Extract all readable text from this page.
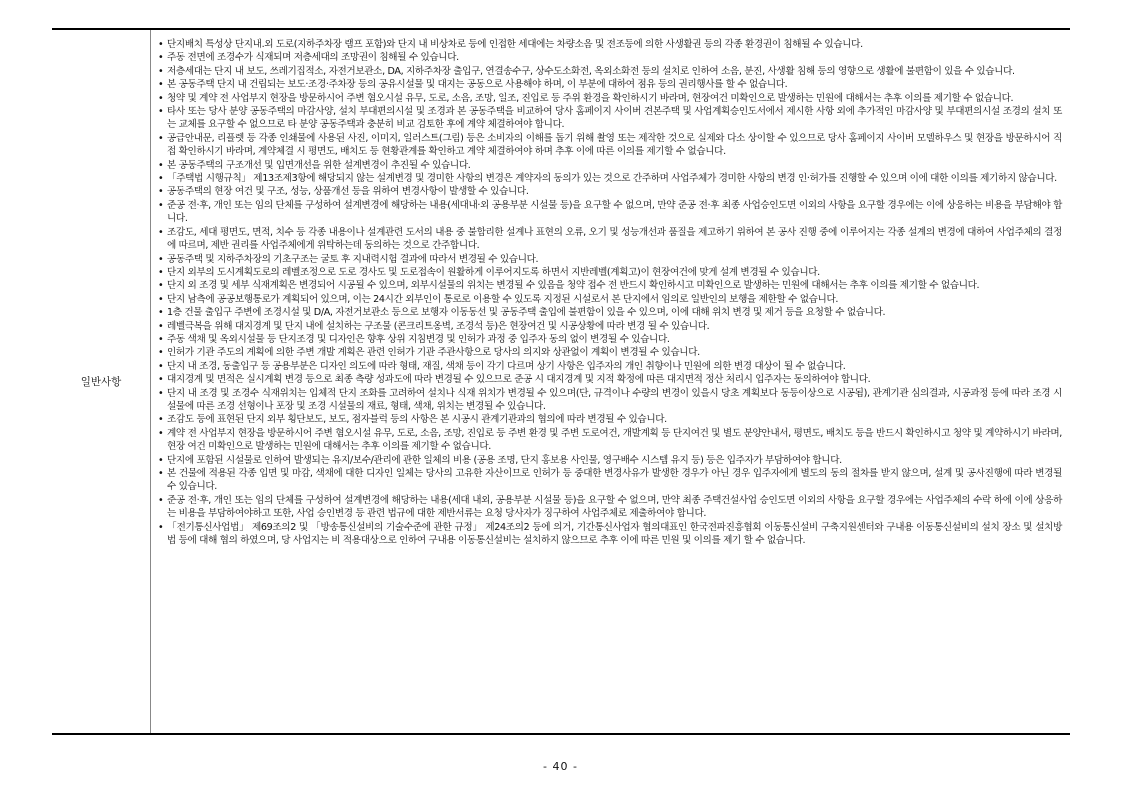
일반사항
• 단지배치 특성상 단지내.외 도로(지하주차장 램프 포함)와 단지 내 비상차로 등에 인접한 세대에는 차량소음 및 전조등에 의한 사생활권 등의 각종 환경권이 침해될 수 있습니다.
• 주동 전면에 조경수가 식재되며 저층세대의 조망권이 침해될 수 있습니다.
• 저층세대는 단지 내 보도, 쓰레기집적소, 자전거보관소, DA, 지하주차장 출입구, 연결송수구, 상수도소화전, 옥외소화전 등의 설치로 인하여 소음, 분진, 사생활 침해 등의 영향으로 생활에 불편함이 있을 수 있습니다.
• 본 공동주택 단지 내 건립되는 보도·조경·주차장 등의 공유시설물 및 대지는 공동으로 사용해야 하며, 이 부분에 대하여 점유 등의 권리행사를 할 수 없습니다.
• 청약 및 계약 전 사업부지 현장을 방문하시어 주변 혐오시설 유무, 도로, 소음, 조망, 일조, 진입로 등 주위 환경을 확인하시기 바라며, 현장여건 미확인으로 발생하는 민원에 대해서는 추후 이의를 제기할 수 없습니다.
• 타사 또는 당사 분양 공동주택의 마감사양, 설치 부대편의시설 및 조경과 본 공동주택을 비교하여 당사 홈페이지 사이버 견본주택 및 사업계획승인도서에서 제시한 사항 외에 추가적인 마감사양 및 부대편의시설 조경의 설치 또는 교체를 요구할 수 없으므로 타 분양 공동주택과 충분히 비교 검토한 후에 계약 체결하여야 합니다.
• 공급안내문, 리플렛 등 각종 인쇄물에 사용된 사진, 이미지, 일러스트(그림) 등은 소비자의 이해를 돕기 위해 촬영 또는 제작한 것으로 실제와 다소 상이할 수 있으므로 당사 홈페이지 사이버 모델하우스 및 현장을 방문하시어 직접 확인하시기 바라며, 계약체결 시 평면도, 배치도 등 현황관계를 확인하고 계약 체결하여야 하며 추후 이에 따른 이의를 제기할 수 없습니다.
• 본 공동주택의 구조개선 및 입면개선을 위한 설계변경이 추진될 수 있습니다.
• 「주택법 시행규칙」 제13조제3항에 해당되지 않는 설계변경 및 경미한 사항의 변경은 계약자의 동의가 있는 것으로 간주하며 사업주체가 경미한 사항의 변경 인·허가를 진행할 수 있으며 이에 대한 이의를 제기하지 않습니다.
• 공동주택의 현장 여건 및 구조, 성능, 상품개선 등을 위하여 변경사항이 발생할 수 있습니다.
• 준공 전·후, 개인 또는 임의 단체를 구성하여 설계변경에 해당하는 내용(세대내·외 공용부분 시설물 등)을 요구할 수 없으며, 만약 준공 전·후 최종 사업승인도면 이외의 사항을 요구할 경우에는 이에 상응하는 비용을 부담해야 합니다.
• 조감도, 세대 평면도, 면적, 치수 등 각종 내용이나 설계관련 도서의 내용 중 불합리한 설계나 표현의 오류, 오기 및 성능개선과 품질을 제고하기 위하여 본 공사 진행 중에 이루어지는 각종 설계의 변경에 대하여 사업주체의 결정에 따르며, 제반 권리를 사업주체에게 위탁하는데 동의하는 것으로 간주합니다.
• 공동주택 및 지하주차장의 기초구조는 굴토 후 지내력시험 결과에 따라서 변경될 수 있습니다.
• 단지 외부의 도시계획도로의 레벨조정으로 도로 경사도 및 도로접속이 원활하게 이루어지도록 하면서 지반레벨(계획고)이 현장여건에 맞게 설계 변경될 수 있습니다.
• 단지 외 조경 및 세부 식재계획은 변경되어 시공될 수 있으며, 외부시설물의 위치는 변경될 수 있음을 청약 접수 전 반드시 확인하시고 미확인으로 발생하는 민원에 대해서는 추후 이의를 제기할 수 없습니다.
• 단지 남측에 공공보행통로가 계획되어 있으며, 이는 24시간 외부인이 통로로 이용할 수 있도록 지정된 시설로서 본 단지에서 임의로 일반인의 보행을 제한할 수 없습니다.
• 1층 건물 출입구 주변에 조경시설 및 D/A, 자전거보관소 등으로 보행자 이동동선 및 공동주택 출입에 불편함이 있을 수 있으며, 이에 대해 위치 변경 및 제거 등을 요청할 수 없습니다.
• 레벨극복을 위해 대지경계 및 단지 내에 설치하는 구조물 (콘크리트옹벽, 조경석 등)은 현장여건 및 시공상황에 따라 변경 될 수 있습니다.
• 주동 색채 및 옥외시설물 등 단지조경 및 디자인은 향후 상위 지침변경 및 인허가 과정 중 입주자 동의 없이 변경될 수 있습니다.
• 인허가 기관 주도의 계획에 의한 주변 개발 계획은 관련 인허가 기관 주관사항으로 당사의 의지와 상관없이 계획이 변경될 수 있습니다.
• 단지 내 조경, 동출입구 등 공용부분은 디자인 의도에 따라 형태, 재질, 색채 등이 각기 다르며 상기 사항은 입주자의 개인 취향이나 민원에 의한 변경 대상이 될 수 없습니다.
• 대지경계 및 면적은 실시계획 변경 등으로 최종 측량 성과도에 따라 변경될 수 있으므로 준공 시 대지경계 및 지적 확정에 따른 대지면적 정산 처리시 입주자는 동의하여야 합니다.
• 단지 내 조경 및 조경수 식재위치는 입체적 단지 조화를 고려하여 설치나 식재 위치가 변경될 수 있으며(단, 규격이나 수량의 변경이 있을시 당초 계획보다 동등이상으로 시공됨), 관계기관 심의결과, 시공과정 등에 따라 조경 시설물에 따른 조경 선형이나 포장 및 조경 시설물의 재료, 형태, 색채, 위치는 변경될 수 있습니다.
• 조감도 등에 표현된 단지 외부 횡단보도, 보도, 점자블럭 등의 사항은 본 시공시 관계기관과의 협의에 따라 변경될 수 있습니다.
• 계약 전 사업부지 현장을 방문하시어 주변 혐오시설 유무, 도로, 소음, 조망, 진입로 등 주변 환경 및 주변 도로여건, 개발계획 등 단지여건 및 별도 분양안내서, 평면도, 배치도 등을 반드시 확인하시고 청약 및 계약하시기 바라며, 현장 여건 미확인으로 발생하는 민원에 대해서는 추후 이의를 제기할 수 없습니다.
• 단지에 포함된 시설물로 인하여 발생되는 유지/보수/관리에 관한 일체의 비용 (공용 조명, 단지 홍보용 사인물, 영구배수 시스템 유지 등) 등은 입주자가 부담하여야 합니다.
• 본 건물에 적용된 각종 입면 및 마감, 색채에 대한 디자인 일체는 당사의 고유한 자산이므로 인허가 등 중대한 변경사유가 발생한 경우가 아닌 경우 입주자에게 별도의 동의 절차를 받지 않으며, 설계 및 공사진행에 따라 변경될 수 있습니다.
• 준공 전·후, 개인 또는 임의 단체를 구성하여 설계변경에 해당하는 내용(세대 내외, 공용부분 시설물 등)을 요구할 수 없으며, 만약 최종 주택건설사업 승인도면 이외의 사항을 요구할 경우에는 사업주체의 수락 하에 이에 상응하는 비용을 부담하여야하고 또한, 사업 승인변경 등 관련 법규에 대한 제반서류는 요청 당사자가 징구하여 사업주체로 제출하여야 합니다.
• 「전기통신사업법」 제69조의2 및 「방송통신설비의 기술수준에 관한 규정」 제24조의2 등에 의거, 기간통신사업자 협의대표인 한국전파진흥협회 이동통신설비 구축지원센터와 구내용 이동통신설비의 설치 장소 및 설치방법 등에 대해 협의 하였으며, 당 사업지는 비 적용대상으로 인하여 구내용 이동통신설비는 설치하지 않으므로 추후 이에 따른 민원 및 이의를 제기 할 수 없습니다.
- 40 -
